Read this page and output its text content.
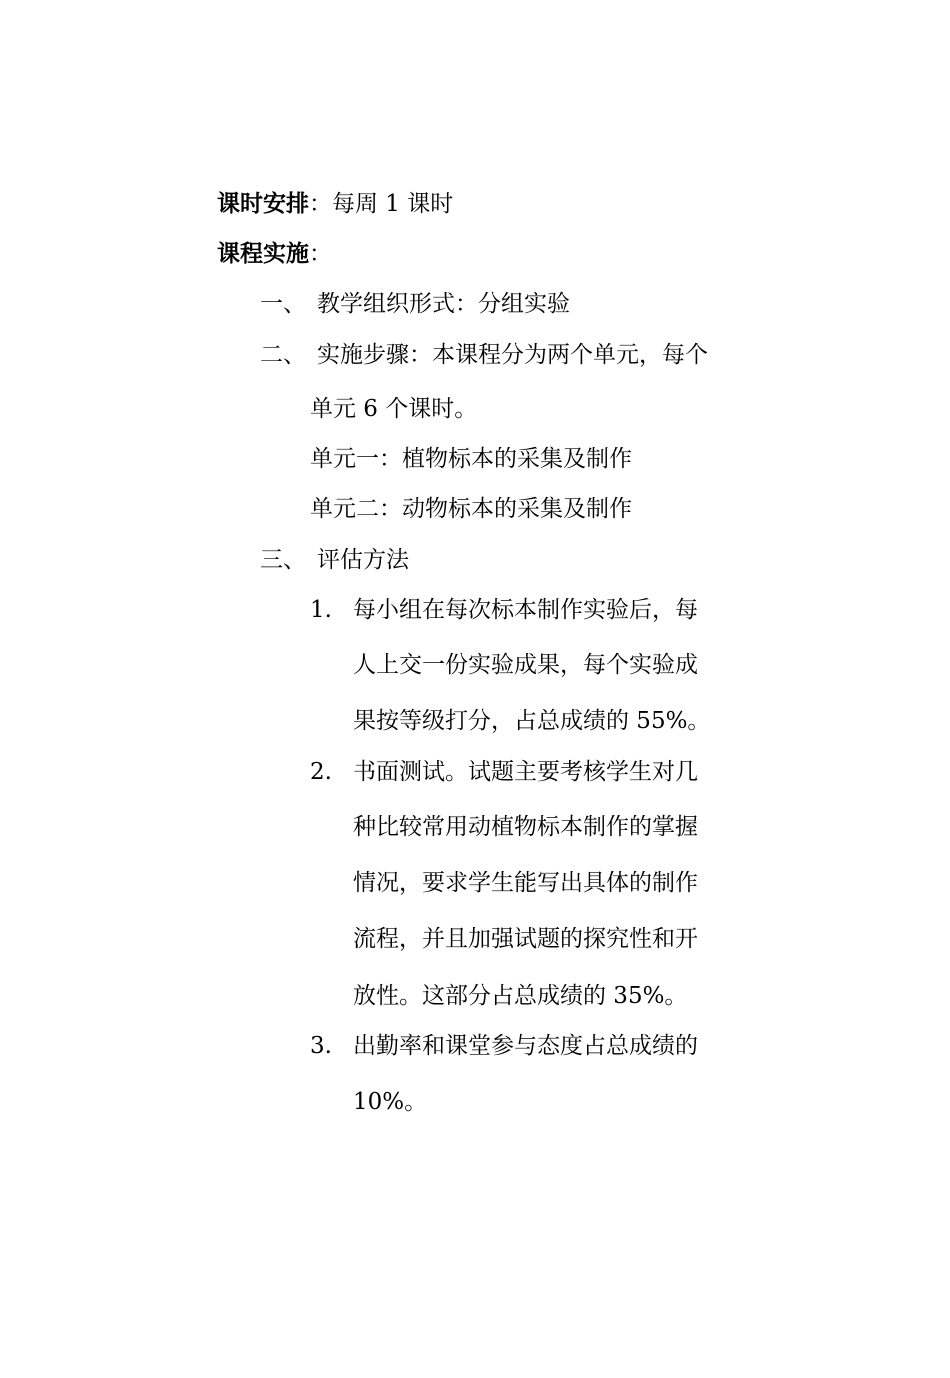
课时安排：每周 1 课时
课程实施：
一、 教学组织形式：分组实验
二、 实施步骤：本课程分为两个单元，每个
单元 6 个课时。
单元一：植物标本的采集及制作
单元二：动物标本的采集及制作
三、 评估方法
1. 每小组在每次标本制作实验后，每
人上交一份实验成果，每个实验成
果按等级打分，占总成绩的 55%。
2. 书面测试。试题主要考核学生对几
种比较常用动植物标本制作的掌握
情况，要求学生能写出具体的制作
流程，并且加强试题的探究性和开
放性。这部分占总成绩的 35%。
3. 出勤率和课堂参与态度占总成绩的
10%。
